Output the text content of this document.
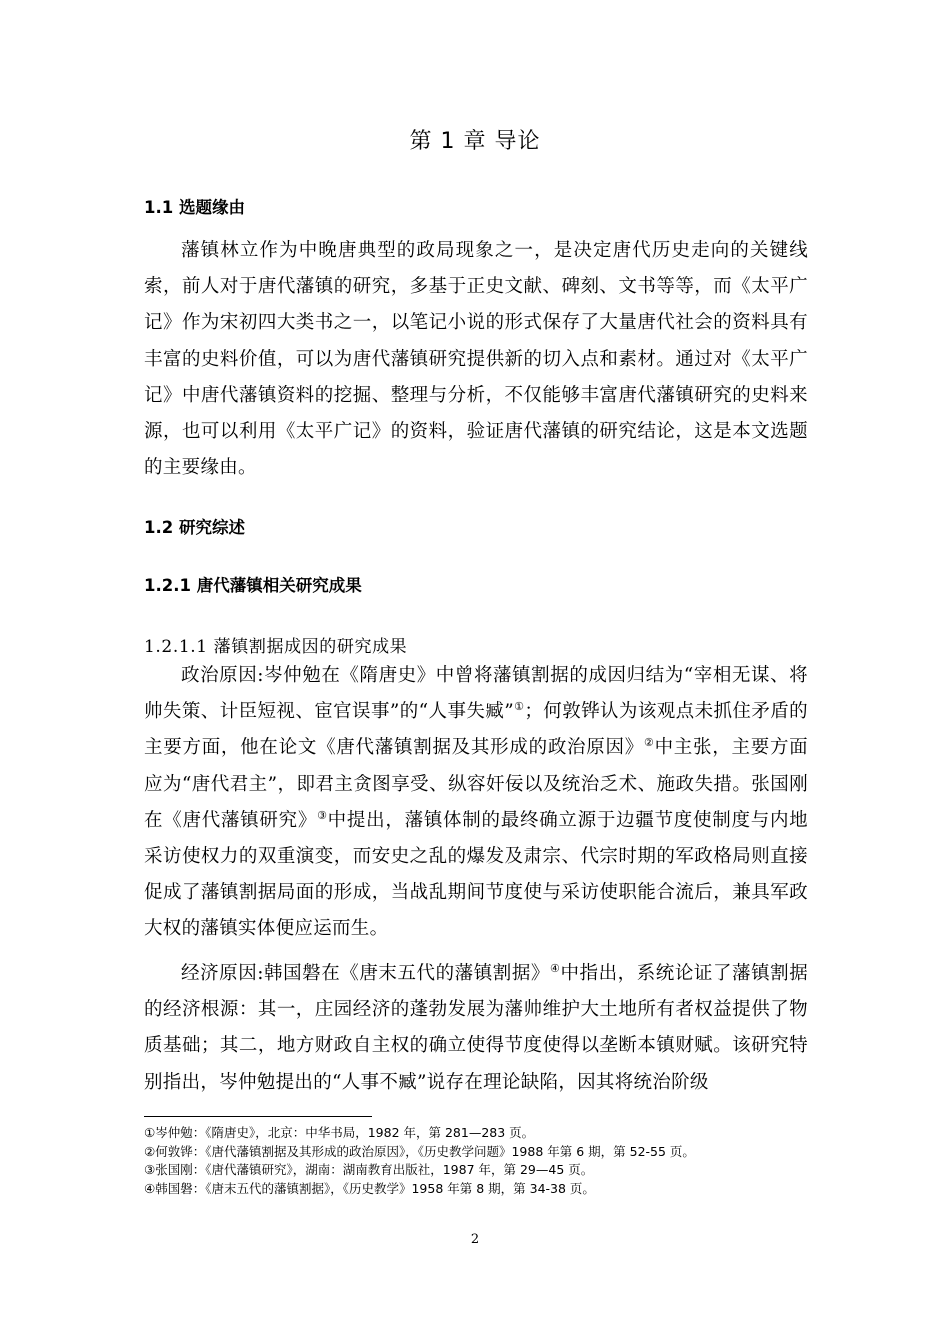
第 1 章 导论
1.1 选题缘由

藩镇林立作为中晚唐典型的政局现象之一，是决定唐代历史走向的关键线索，前人对于唐代藩镇的研究，多基于正史文献、碑刻、文书等等，而《太平广记》作为宋初四大类书之一，以笔记小说的形式保存了大量唐代社会的资料具有丰富的史料价值，可以为唐代藩镇研究提供新的切入点和素材。通过对《太平广记》中唐代藩镇资料的挖掘、整理与分析，不仅能够丰富唐代藩镇研究的史料来源，也可以利用《太平广记》的资料，验证唐代藩镇的研究结论，这是本文选题的主要缘由。

1.2 研究综述
1.2.1 唐代藩镇相关研究成果
1.2.1.1 藩镇割据成因的研究成果

政治原因:岑仲勉在《隋唐史》中曾将藩镇割据的成因归结为“宰相无谋、将帅失策、计臣短视、宦官误事”的“人事失臧”①；何敦铧认为该观点未抓住矛盾的主要方面，他在论文《唐代藩镇割据及其形成的政治原因》②中主张，主要方面应为“唐代君主”，即君主贪图享受、纵容奸佞以及统治乏术、施政失措。张国刚在《唐代藩镇研究》③中提出，藩镇体制的最终确立源于边疆节度使制度与内地采访使权力的双重演变，而安史之乱的爆发及肃宗、代宗时期的军政格局则直接促成了藩镇割据局面的形成，当战乱期间节度使与采访使职能合流后，兼具军政大权的藩镇实体便应运而生。

经济原因:韩国磐在《唐末五代的藩镇割据》④中指出，系统论证了藩镇割据的经济根源：其一，庄园经济的蓬勃发展为藩帅维护大土地所有者权益提供了物质基础；其二，地方财政自主权的确立使得节度使得以垄断本镇财赋。该研究特别指出，岑仲勉提出的“人事不臧”说存在理论缺陷，因其将统治阶级

①岑仲勉：《隋唐史》，北京：中华书局，1982 年，第 281—283 页。

②何敦铧：《唐代藩镇割据及其形成的政治原因》，《历史教学问题》1988 年第 6 期，第 52-55 页。

③张国刚：《唐代藩镇研究》，湖南：湖南教育出版社，1987 年，第 29—45 页。

④韩国磐：《唐末五代的藩镇割据》，《历史教学》1958 年第 8 期，第 34-38 页。

2
